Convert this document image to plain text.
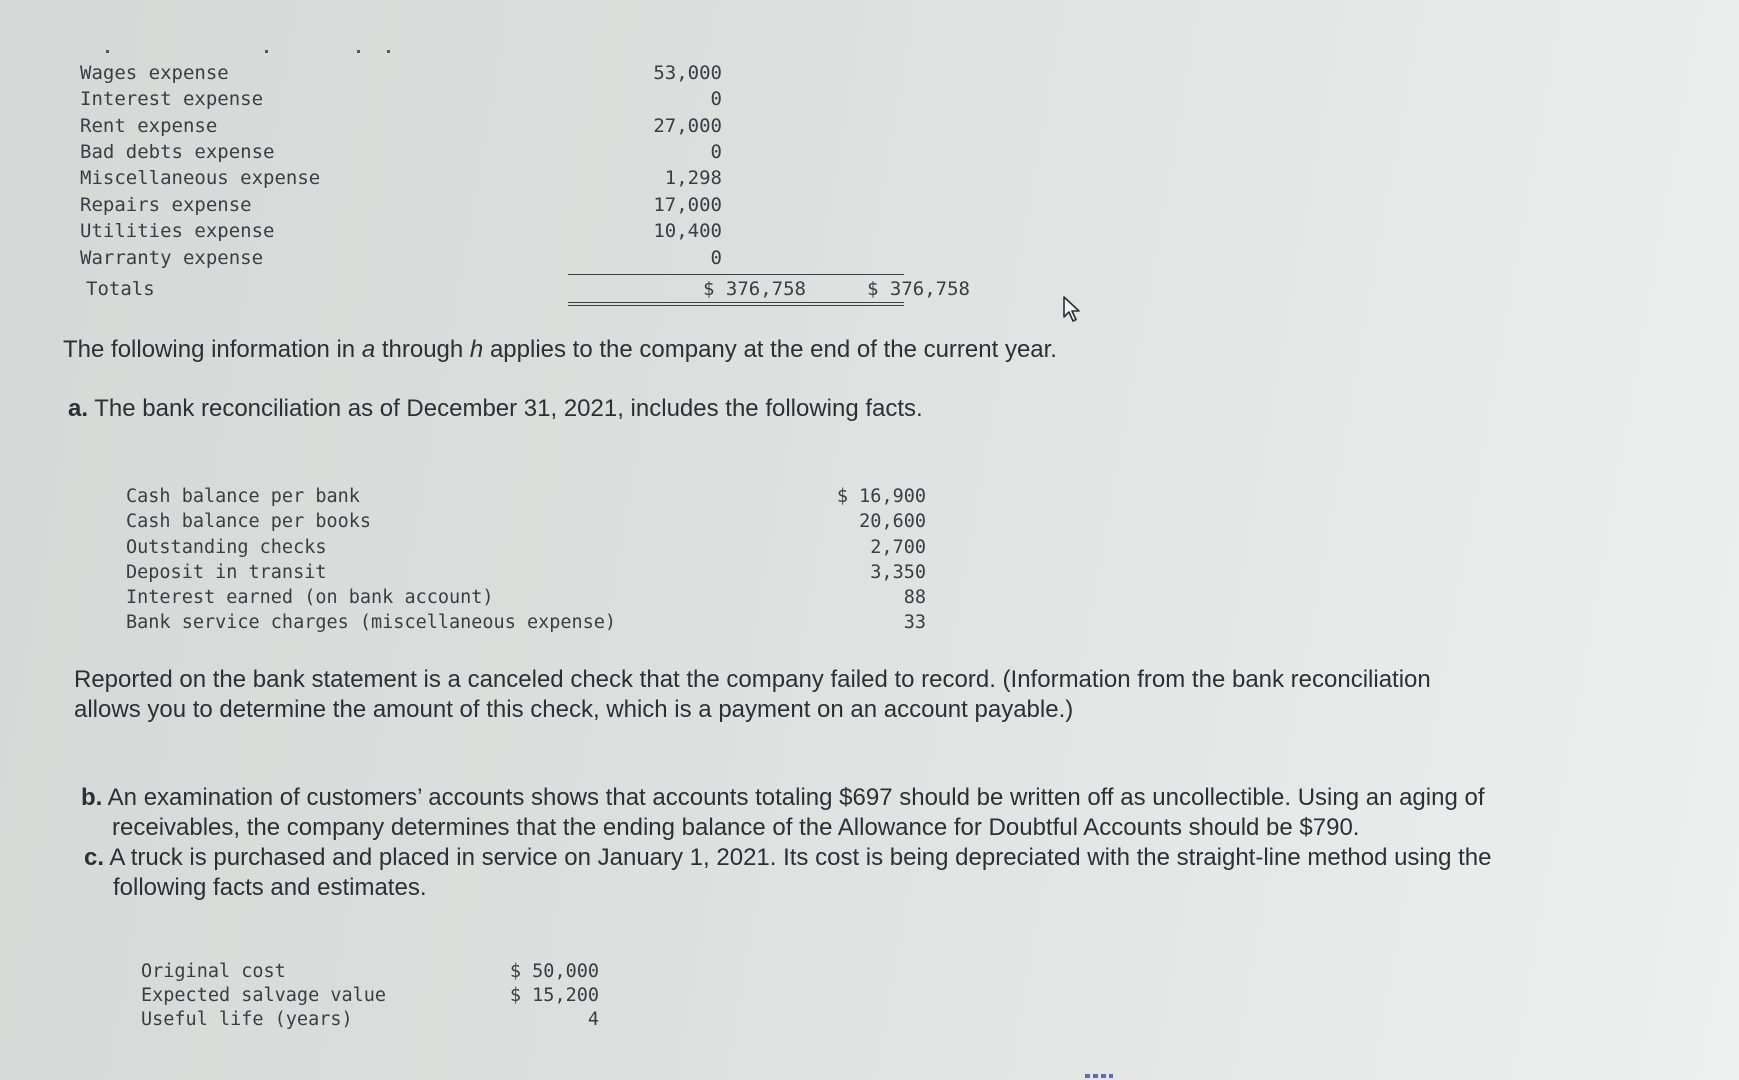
Wages expense	53,000
Interest expense	0
Rent expense	27,000
Bad debts expense	0
Miscellaneous expense	1,298
Repairs expense	17,000
Utilities expense	10,400
Warranty expense	0
Totals	$ 376,758	$ 376,758
The following information in a through h applies to the company at the end of the current year.
a. The bank reconciliation as of December 31, 2021, includes the following facts.
Cash balance per bank	$ 16,900
Cash balance per books	20,600
Outstanding checks	2,700
Deposit in transit	3,350
Interest earned (on bank account)	88
Bank service charges (miscellaneous expense)	33
Reported on the bank statement is a canceled check that the company failed to record. (Information from the bank reconciliation
allows you to determine the amount of this check, which is a payment on an account payable.)
b. An examination of customers’ accounts shows that accounts totaling $697 should be written off as uncollectible. Using an aging of
receivables, the company determines that the ending balance of the Allowance for Doubtful Accounts should be $790.
c. A truck is purchased and placed in service on January 1, 2021. Its cost is being depreciated with the straight-line method using the
following facts and estimates.
Original cost	$ 50,000
Expected salvage value	$ 15,200
Useful life (years)	4
